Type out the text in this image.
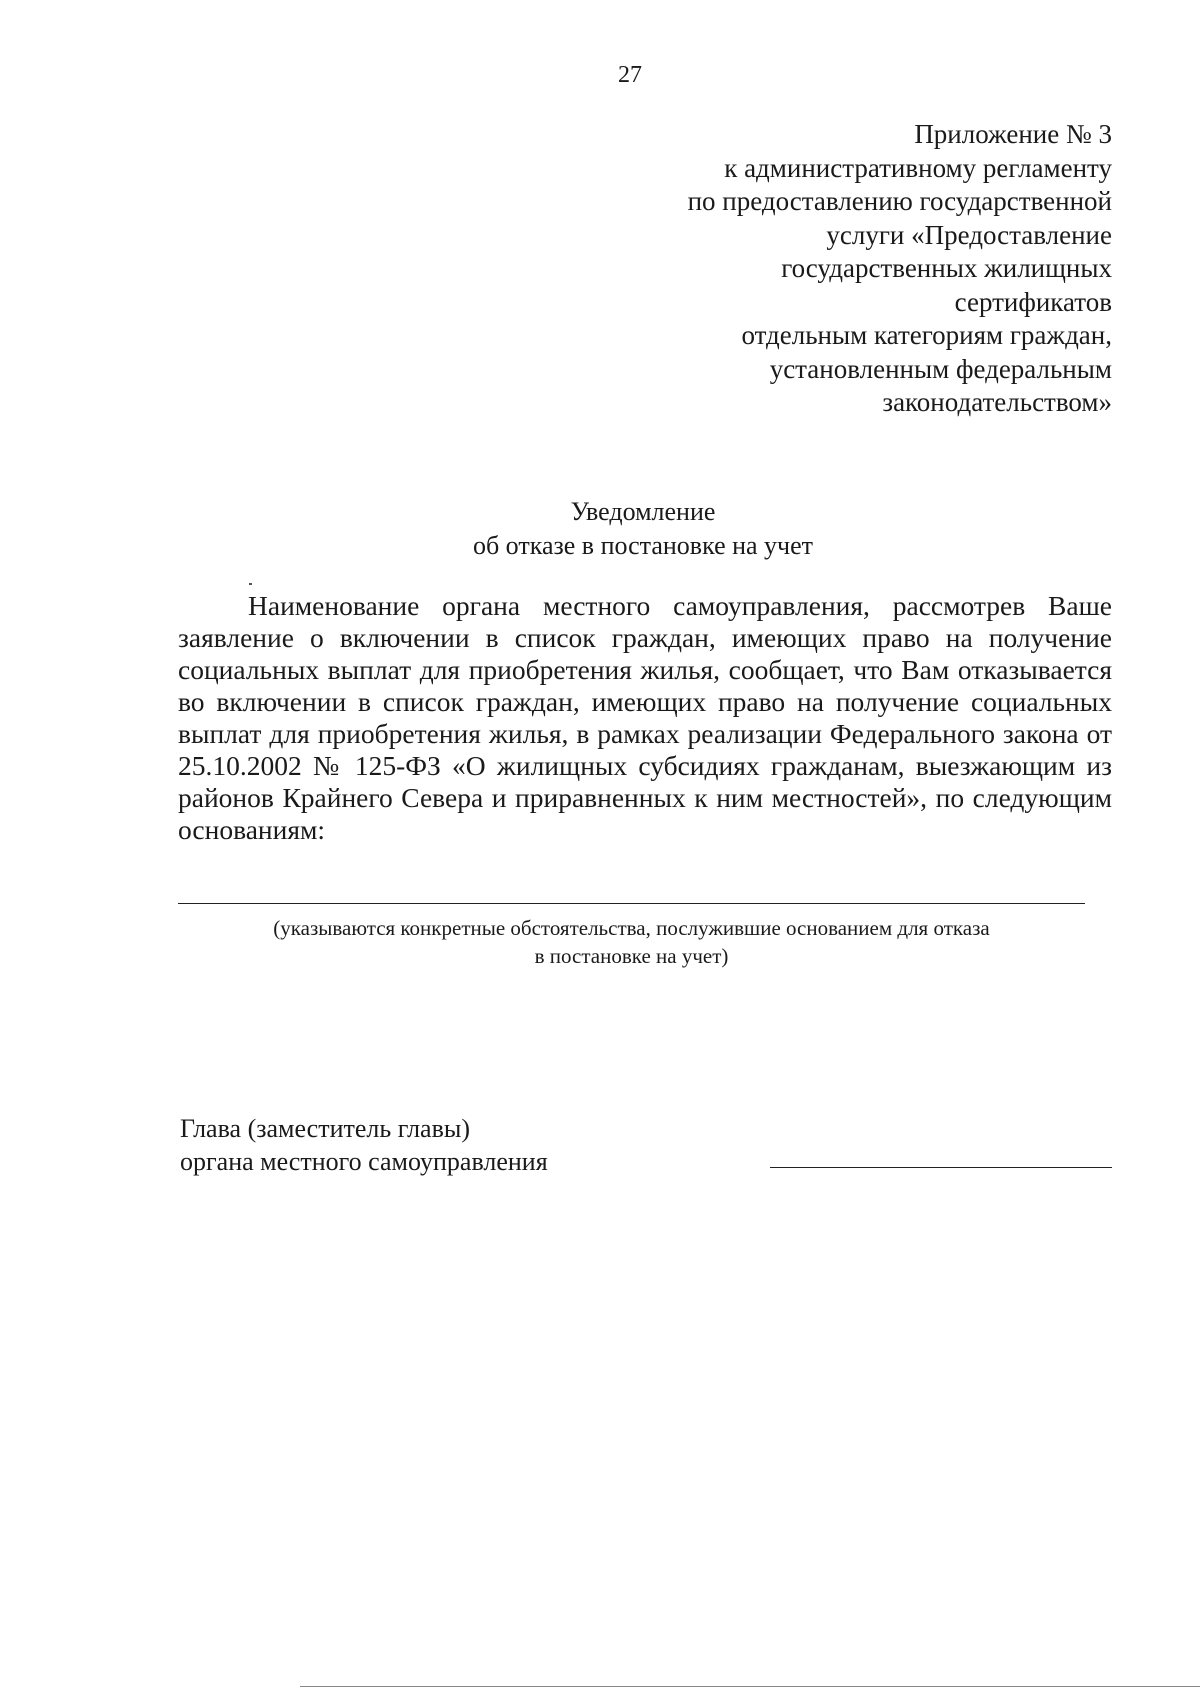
27
Приложение № 3
к административному регламенту
по предоставлению государственной
услуги «Предоставление
государственных жилищных
сертификатов
отдельным категориям граждан,
установленным федеральным
законодательством»
Уведомление
об отказе в постановке на учет

Наименование органа местного самоуправления, рассмотрев Ваше заявление о включении в список граждан, имеющих право на получение социальных выплат для приобретения жилья, сообщает, что Вам отказывается во включении в список граждан, имеющих право на получение социальных выплат для приобретения жилья, в рамках реализации Федерального закона от 25.10.2002 № 125-ФЗ «О жилищных субсидиях гражданам, выезжающим из районов Крайнего Севера и приравненных к ним местностей», по следующим основаниям:

(указываются конкретные обстоятельства, послужившие основанием для отказа
в постановке на учет)
Глава (заместитель главы)
органа местного самоуправления
